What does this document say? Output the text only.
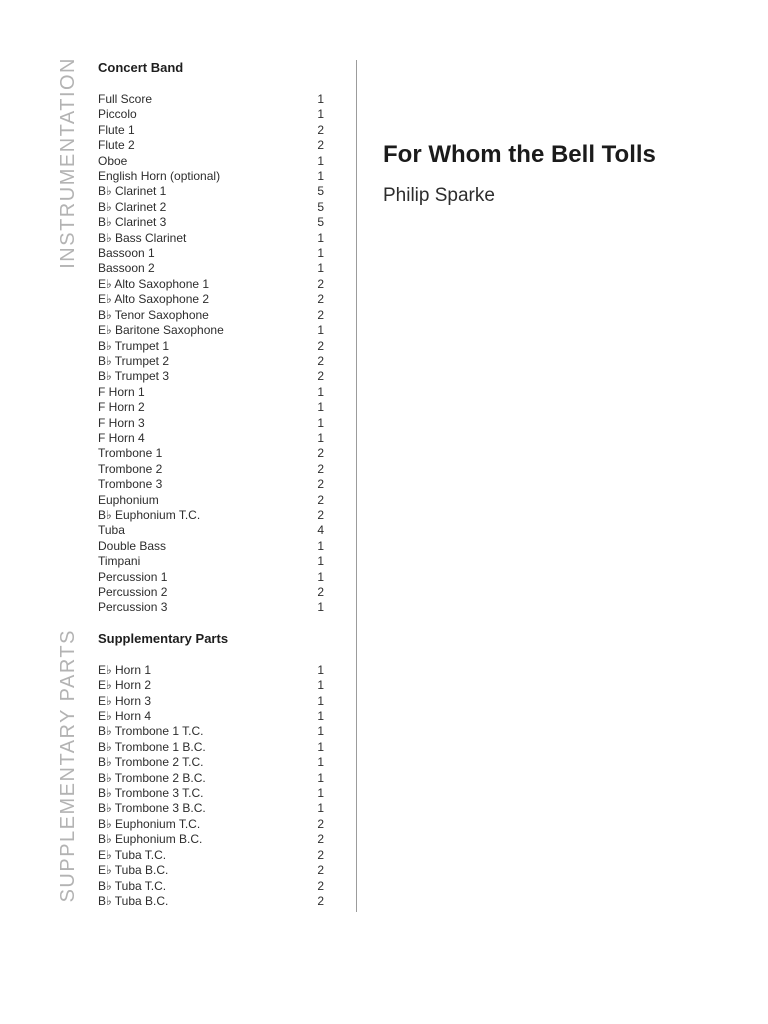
INSTRUMENTATION
SUPPLEMENTARY PARTS
Concert Band
Full Score	1
Piccolo	1
Flute 1	2
Flute 2	2
Oboe	1
English Horn (optional)	1
B♭ Clarinet 1	5
B♭ Clarinet 2	5
B♭ Clarinet 3	5
B♭ Bass Clarinet	1
Bassoon 1	1
Bassoon 2	1
E♭ Alto Saxophone 1	2
E♭ Alto Saxophone 2	2
B♭ Tenor Saxophone	2
E♭ Baritone Saxophone	1
B♭ Trumpet 1	2
B♭ Trumpet 2	2
B♭ Trumpet 3	2
F Horn 1	1
F Horn 2	1
F Horn 3	1
F Horn 4	1
Trombone 1	2
Trombone 2	2
Trombone 3	2
Euphonium	2
B♭ Euphonium T.C.	2
Tuba	4
Double Bass	1
Timpani	1
Percussion 1	1
Percussion 2	2
Percussion 3	1
Supplementary Parts
E♭ Horn 1	1
E♭ Horn 2	1
E♭ Horn 3	1
E♭ Horn 4	1
B♭ Trombone 1 T.C.	1
B♭ Trombone 1 B.C.	1
B♭ Trombone 2 T.C.	1
B♭ Trombone 2 B.C.	1
B♭ Trombone 3 T.C.	1
B♭ Trombone 3 B.C.	1
B♭ Euphonium T.C.	2
B♭ Euphonium B.C.	2
E♭ Tuba T.C.	2
E♭ Tuba B.C.	2
B♭ Tuba T.C.	2
B♭ Tuba B.C.	2
For Whom the Bell Tolls

Philip Sparke
